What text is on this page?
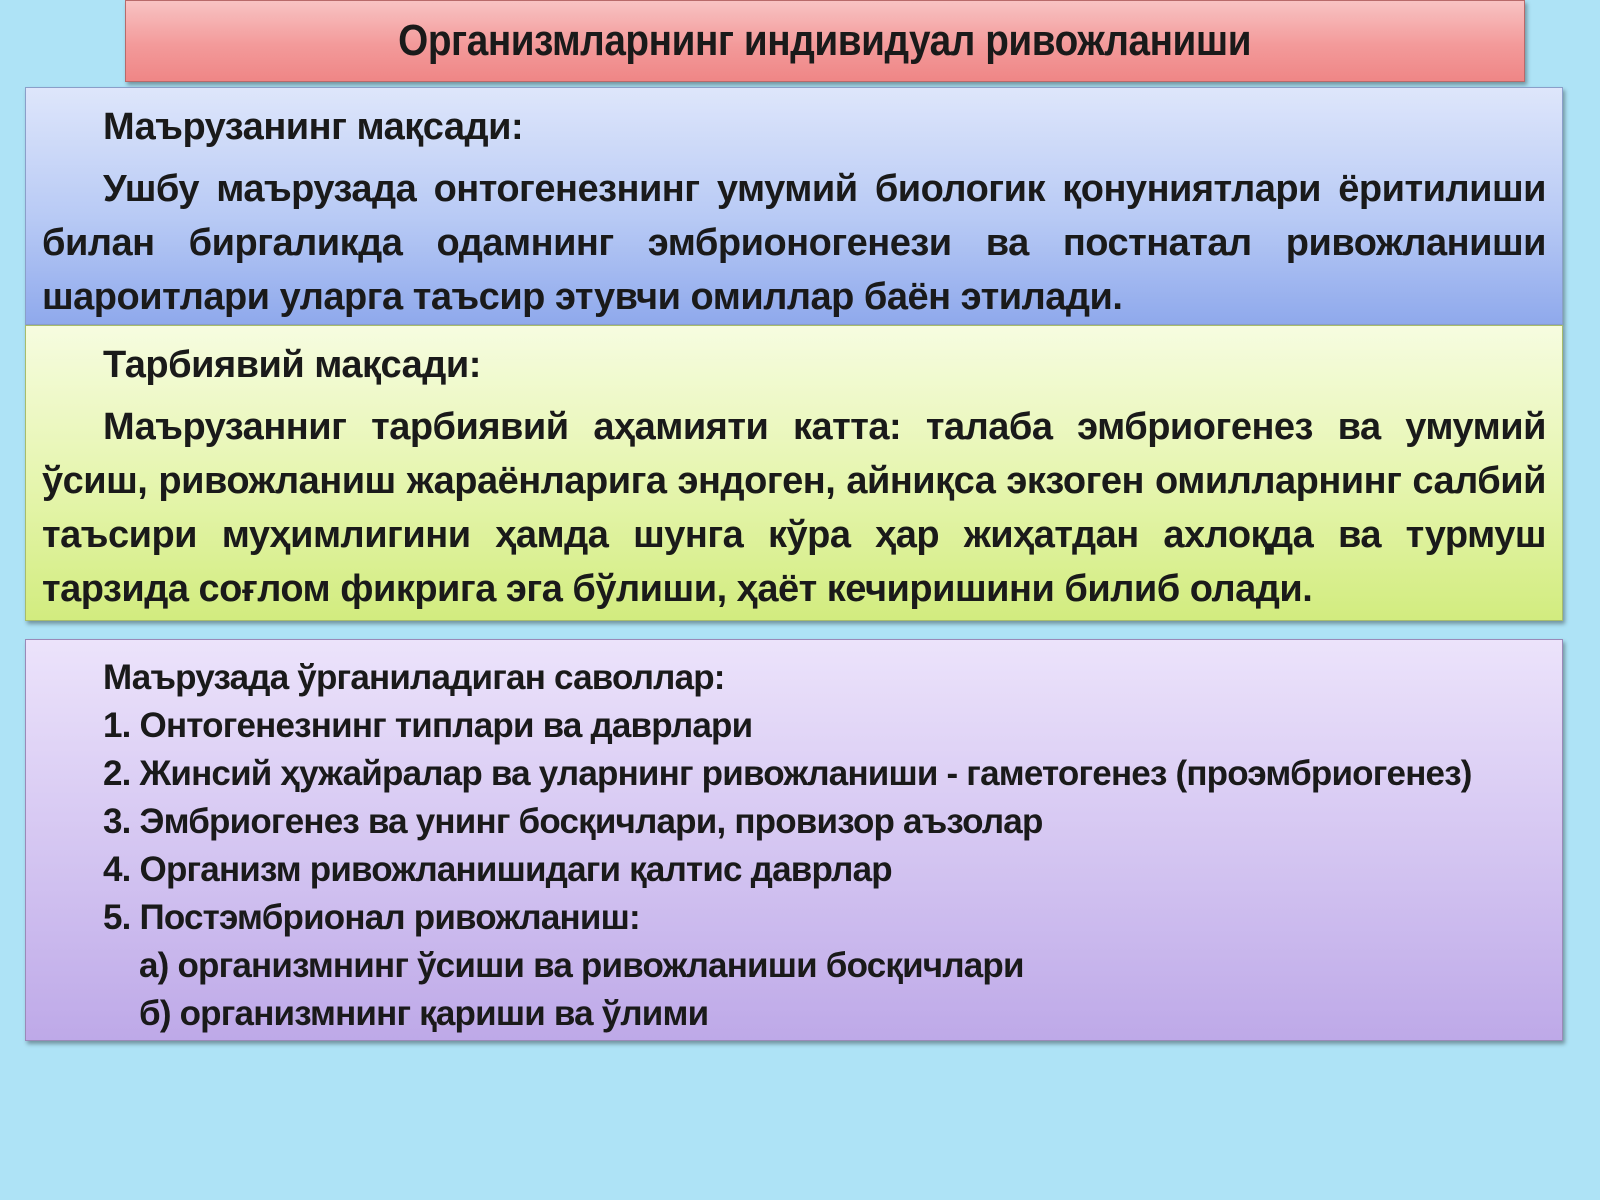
Организмларнинг индивидуал ривожланиши

Маърузанинг мақсади:

Ушбу маърузада онтогенезнинг умумий биологик қонуниятлари ёритилиши билан биргаликда одамнинг эмбрионогенези ва постнатал ривожланиши шароитлари уларга таъсир этувчи омиллар баён этилади.

Тарбиявий мақсади:

Маърузанниг тарбиявий аҳамияти катта: талаба эмбриогенез ва умумий ўсиш, ривожланиш жараёнларига эндоген, айниқса экзоген омилларнинг салбий таъсири муҳимлигини ҳамда шунга кўра ҳар жиҳатдан ахлоқда ва турмуш тарзида соғлом фикрига эга бўлиши, ҳаёт кечиришини билиб олади.

Маърузада ўрганиладиган саволлар:

1. Онтогенезнинг типлари ва даврлари
2. Жинсий ҳужайралар ва уларнинг ривожланиши - гаметогенез (проэмбриогенез)
3. Эмбриогенез ва унинг босқичлари, провизор аъзолар
4. Организм ривожланишидаги қалтис даврлар
5. Постэмбрионал ривожланиш:
а) организмнинг ўсиши ва ривожланиши босқичлари
б) организмнинг қариши ва ўлими
